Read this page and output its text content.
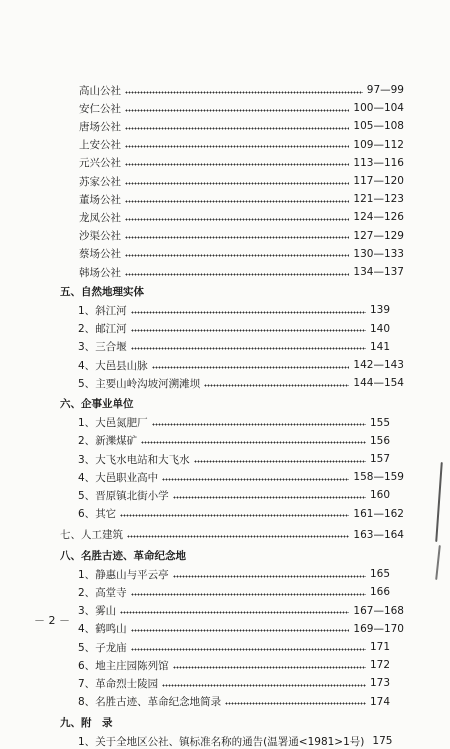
高山公社	97—99
安仁公社	100—104
唐场公社	105—108
上安公社	109—112
元兴公社	113—116
苏家公社	117—120
董场公社	121—123
龙凤公社	124—126
沙渠公社	127—129
蔡场公社	130—133
韩场公社	134—137
五、自然地理实体
1、 斜江河	139
2、 邮江河	140
3、 三合堰	141
4、 大邑县山脉	142—143
5、 主要山岭沟坡河溯滩坝	144—154
六、企事业单位
1、 大邑氮肥厂	155
2、 新濼煤矿	156
3、 大飞水电站和大飞水	157
4、 大邑职业高中	158—159
5、 晋原镇北街小学	160
6、 其它	161—162
七、人工建筑	163—164
八、名胜古迹、革命纪念地
1、 静惠山与平云亭	165
2、 高堂寺	166
3、 雾山	167—168
4、 鹤鸣山	169—170
5、 子龙庙	171
6、 地主庄园陈列馆	172
7、 革命烈士陵园	173
8、 名胜古迹、革命纪念地简录	174
九、附　录
1、 关于全地区公社、镇标准名称的通告(温署通<1981>1号) 175
－ 2 －
